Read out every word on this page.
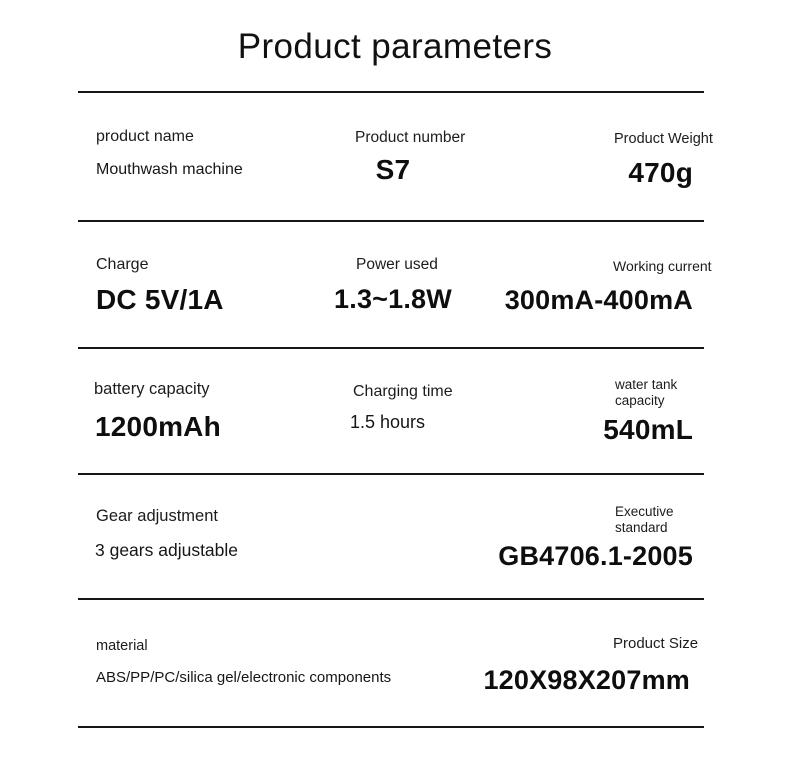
Product parameters
product name
Mouthwash machine
Product number
S7
Product Weight
470g
Charge
DC 5V/1A
Power used
1.3~1.8W
Working current
300mA-400mA
battery capacity
1200mAh
Charging time
1.5 hours
water tank capacity
540mL
Gear adjustment
3 gears adjustable
Executive standard
GB4706.1-2005
material
ABS/PP/PC/silica gel/electronic components
Product Size
120X98X207mm
